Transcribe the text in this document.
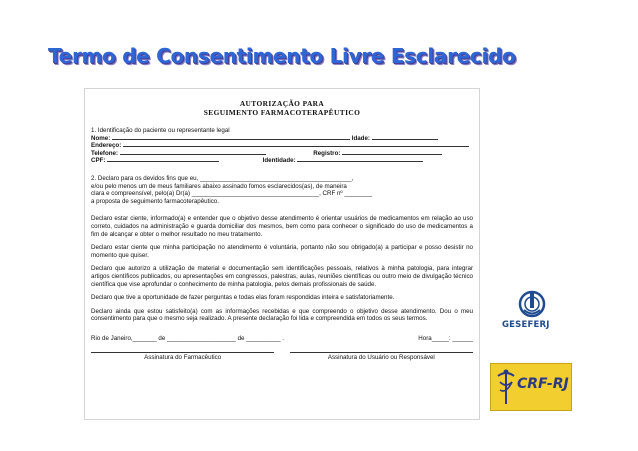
Termo de Consentimento Livre Esclarecido
AUTORIZAÇÃO PARA
SEGUIMENTO FARMACOTERAPÊUTICO
1. Identificação do paciente ou representante legal
Nome:	Idade:
Endereço:
Telefone:	Registro:
CPF:	Identidade:
2. Declaro para os devidos fins que eu, ____________________________________________,
e/ou pelo menos um de meus familiares abaixo assinado fomos esclarecidos(as), de maneira
clara e compreensível, pelo(a) Dr(a) _____________________________________, CRF nº ________
a proposta de seguimento farmacoterapêutico.

Declaro estar ciente, informado(a) e entender que o objetivo desse atendimento é orientar usuários de medicamentos em relação ao uso correto, cuidados na administração e guarda domiciliar dos mesmos, bem como para conhecer o significado do uso de medicamentos a fim de alcançar e obter o melhor resultado no meu tratamento.

Declaro estar ciente que minha participação no atendimento é voluntária, portanto não sou obrigado(a) a participar e posso desistir no momento que quiser.

Declaro que autorizo a utilização de material e documentação sem identificações pessoais, relativos à minha patologia, para integrar artigos científicos publicados, ou apresentações em congressos, palestras, aulas, reuniões científicas ou outro meio de divulgação técnico científica que vise aprofundar o conhecimento de minha patologia, pelos demais profissionais de saúde.

Declaro que tive a oportunidade de fazer perguntas e todas elas foram respondidas inteira e satisfatoriamente.

Declaro ainda que estou satisfeito(a) com as informações recebidas e que compreendo o objetivo desse atendimento. Dou o meu consentimento para que o mesmo seja realizado. A presente declaração foi lida e compreendida em todos os seus termos.

Rio de Janeiro,_______ de ____________________ de __________ .	Hora_____: ______
Assinatura do Farmacêutico	Assinatura do Usuário ou Responsável
GESEFERJ
CRF-RJ
